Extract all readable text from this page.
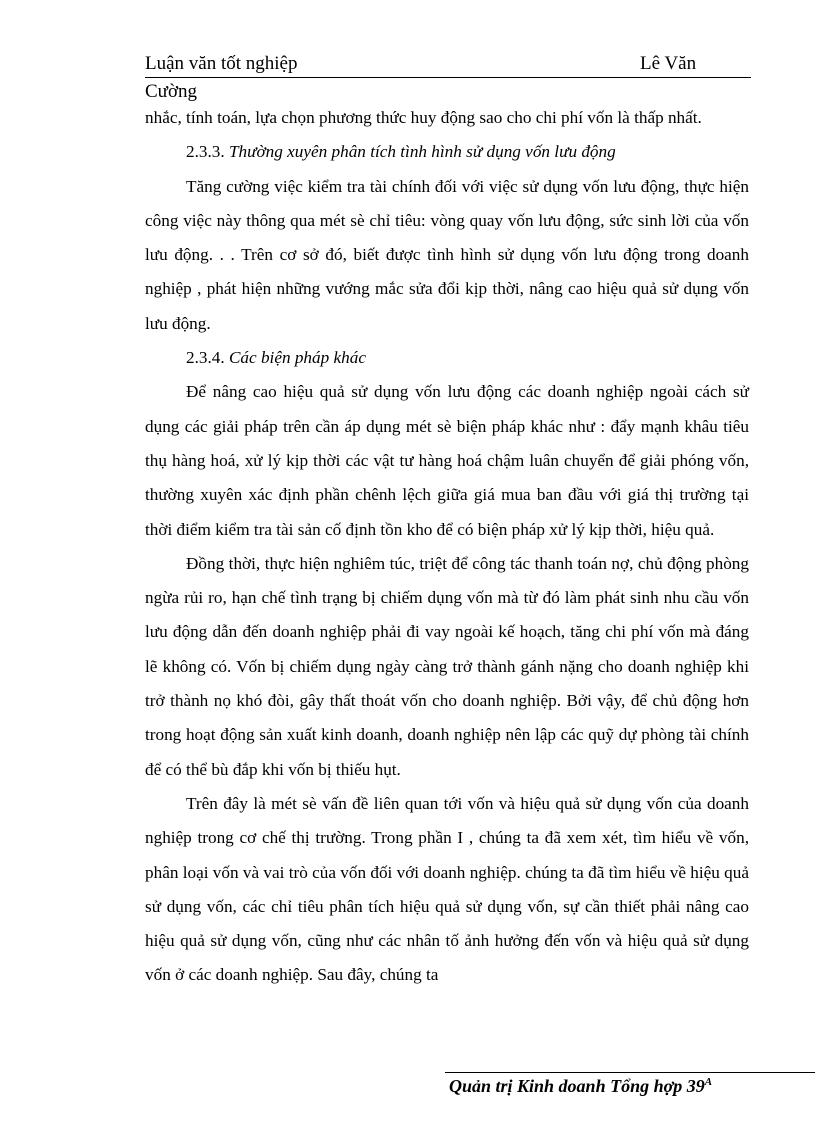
Luận văn tốt nghiệp	Lê Văn
Cường

nhắc, tính toán, lựa chọn phương thức huy động sao cho chi phí vốn là thấp nhất.

2.3.3. Thường xuyên phân tích tình hình sử dụng vốn lưu động

Tăng cường việc kiểm tra tài chính đối với việc sử dụng vốn lưu động, thực hiện công việc này thông qua mét sè chỉ tiêu: vòng quay vốn lưu động, sức sinh lời của vốn lưu động. . . Trên cơ sở đó, biết được tình hình sử dụng vốn lưu động trong doanh nghiệp , phát hiện những vướng mắc sửa đổi kịp thời, nâng cao hiệu quả sử dụng vốn lưu động.

2.3.4. Các biện pháp khác

Để nâng cao hiệu quả sử dụng vốn lưu động các doanh nghiệp ngoài cách sử dụng các giải pháp trên cần áp dụng mét sè biện pháp khác như : đẩy mạnh khâu tiêu thụ hàng hoá, xử lý kịp thời các vật tư hàng hoá chậm luân chuyển để giải phóng vốn, thường xuyên xác định phần chênh lệch giữa giá mua ban đầu với giá thị trường tại thời điểm kiểm tra tài sản cố định tồn kho để có biện pháp xử lý kịp thời, hiệu quả.

Đồng thời, thực hiện nghiêm túc, triệt để công tác thanh toán nợ, chủ động phòng ngừa rủi ro, hạn chế tình trạng bị chiếm dụng vốn mà từ đó làm phát sinh nhu cầu vốn lưu động dẫn đến doanh nghiệp phải đi vay ngoài kế hoạch, tăng chi phí vốn mà đáng lẽ không có. Vốn bị chiếm dụng ngày càng trở thành gánh nặng cho doanh nghiệp khi trở thành nọ khó đòi, gây thất thoát vốn cho doanh nghiệp. Bởi vậy, để chủ động hơn trong hoạt động sản xuất kinh doanh, doanh nghiệp nên lập các quỹ dự phòng tài chính để có thể bù đắp khi vốn bị thiếu hụt.

Trên đây là mét sè vấn đề liên quan tới vốn và hiệu quả sử dụng vốn của doanh nghiệp trong cơ chế thị trường. Trong phần I , chúng ta đã xem xét, tìm hiểu về vốn, phân loại vốn và vai trò của vốn đối với doanh nghiệp. chúng ta đã tìm hiểu về hiệu quả sử dụng vốn, các chỉ tiêu phân tích hiệu quả sử dụng vốn, sự cần thiết phải nâng cao hiệu quả sử dụng vốn, cũng như các nhân tố ảnh hưởng đến vốn và hiệu quả sử dụng vốn ở các doanh nghiệp. Sau đây, chúng ta

Quản trị Kinh doanh Tổng hợp $39^A$
